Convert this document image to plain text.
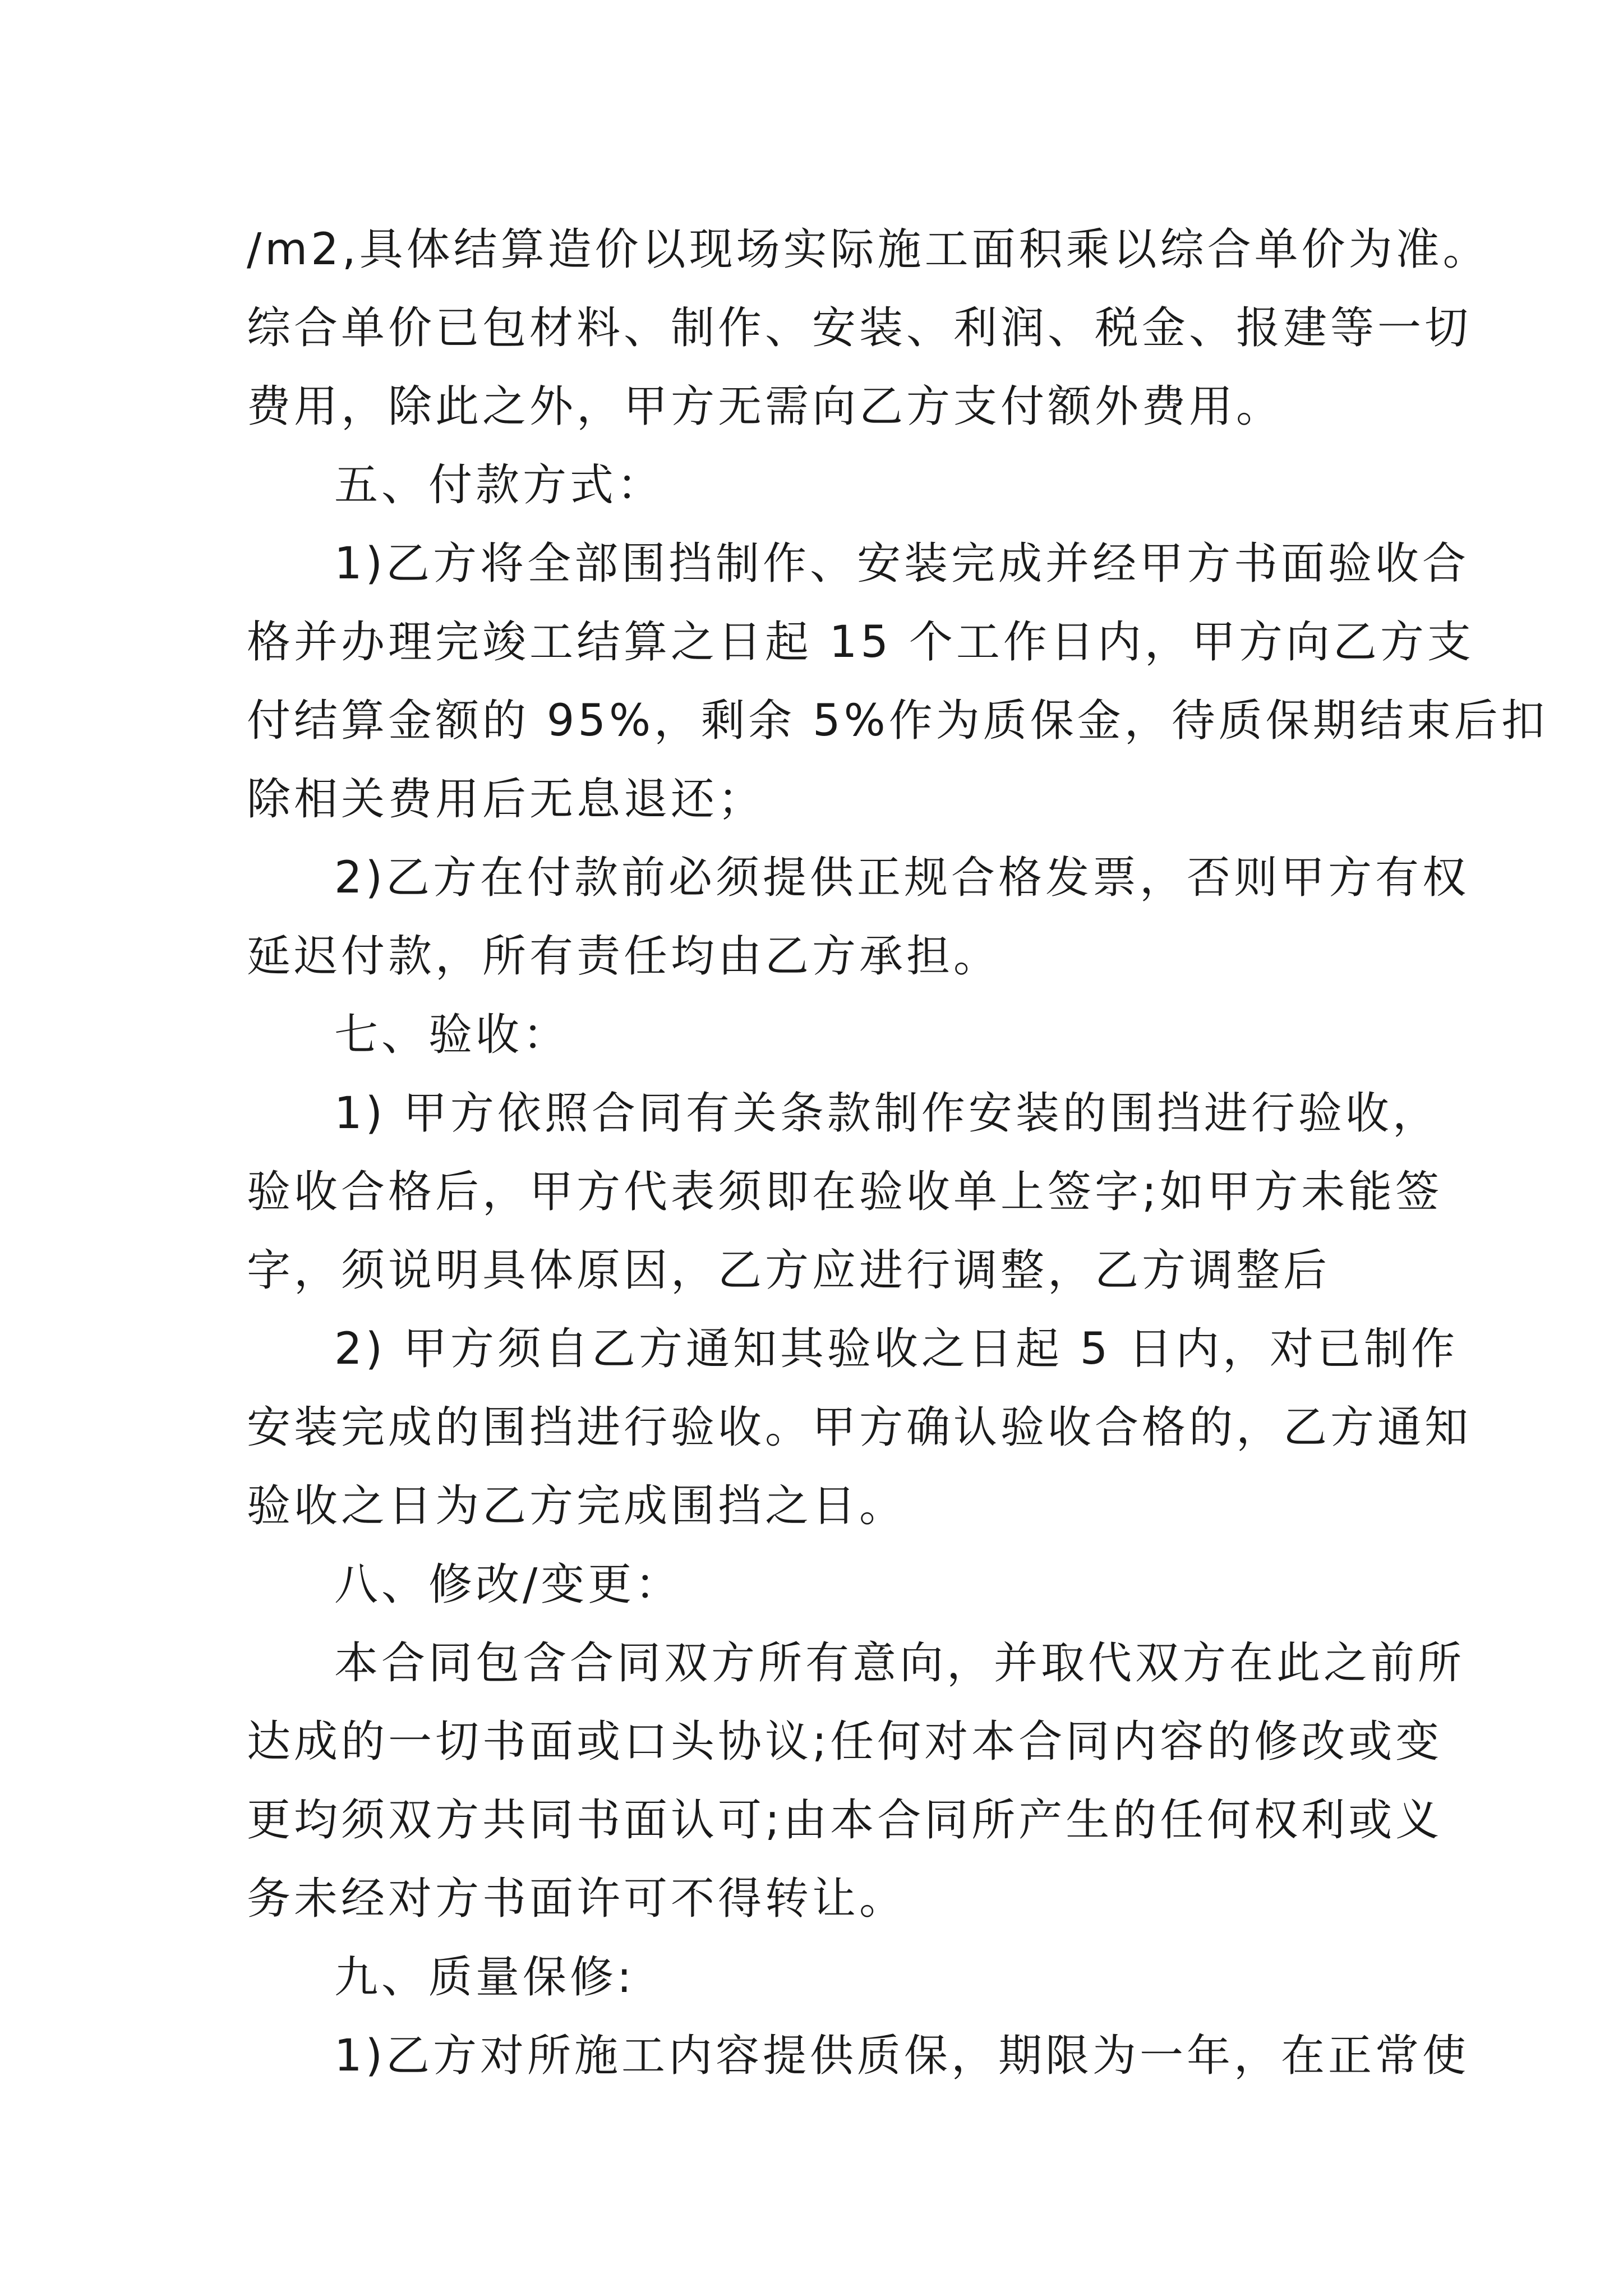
/m2,具体结算造价以现场实际施工面积乘以综合单价为准。
综合单价已包材料、制作、安装、利润、税金、报建等一切
费用，除此之外，甲方无需向乙方支付额外费用。
五、付款方式：
1)乙方将全部围挡制作、安装完成并经甲方书面验收合
格并办理完竣工结算之日起 15 个工作日内，甲方向乙方支
付结算金额的 95%，剩余 5%作为质保金，待质保期结束后扣
除相关费用后无息退还；
2)乙方在付款前必须提供正规合格发票，否则甲方有权
延迟付款，所有责任均由乙方承担。
七、验收：
1) 甲方依照合同有关条款制作安装的围挡进行验收，
验收合格后，甲方代表须即在验收单上签字;如甲方未能签
字，须说明具体原因，乙方应进行调整，乙方调整后
2) 甲方须自乙方通知其验收之日起 5 日内，对已制作
安装完成的围挡进行验收。甲方确认验收合格的，乙方通知
验收之日为乙方完成围挡之日。
八、修改/变更：
本合同包含合同双方所有意向，并取代双方在此之前所
达成的一切书面或口头协议;任何对本合同内容的修改或变
更均须双方共同书面认可;由本合同所产生的任何权利或义
务未经对方书面许可不得转让。
九、质量保修:
1)乙方对所施工内容提供质保，期限为一年，在正常使
